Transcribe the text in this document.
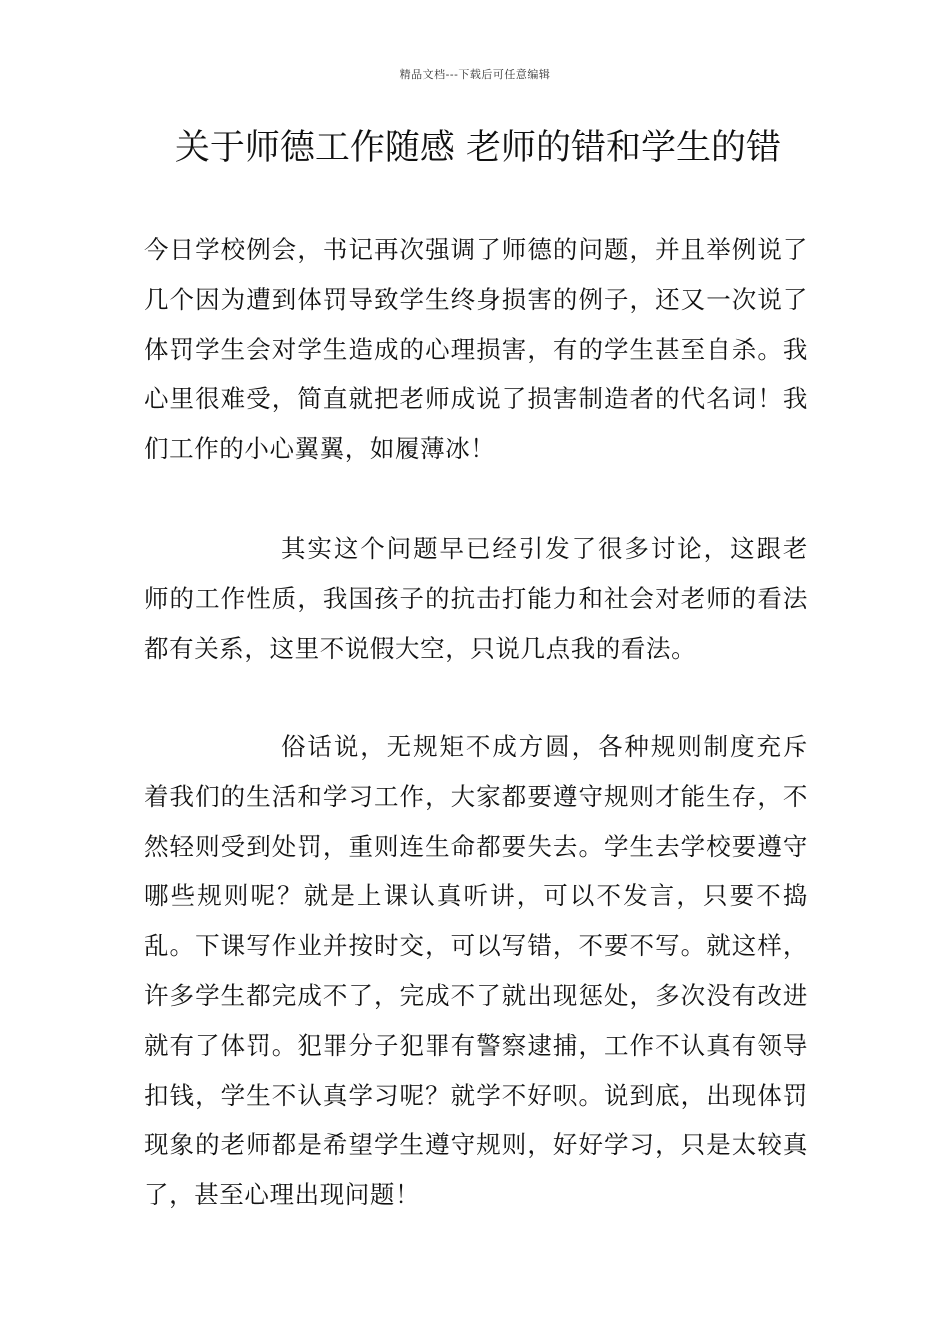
精品文档---下载后可任意编辑
关于师德工作随感 老师的错和学生的错

今日学校例会，书记再次强调了师德的问题，并且举例说了几个因为遭到体罚导致学生终身损害的例子，还又一次说了体罚学生会对学生造成的心理损害，有的学生甚至自杀。我心里很难受，简直就把老师成说了损害制造者的代名词！我们工作的小心翼翼，如履薄冰！

其实这个问题早已经引发了很多讨论，这跟老师的工作性质，我国孩子的抗击打能力和社会对老师的看法都有关系，这里不说假大空，只说几点我的看法。

俗话说，无规矩不成方圆，各种规则制度充斥着我们的生活和学习工作，大家都要遵守规则才能生存，不然轻则受到处罚，重则连生命都要失去。学生去学校要遵守哪些规则呢？就是上课认真听讲，可以不发言，只要不捣乱。下课写作业并按时交，可以写错，不要不写。就这样，许多学生都完成不了，完成不了就出现惩处，多次没有改进就有了体罚。犯罪分子犯罪有警察逮捕，工作不认真有领导扣钱，学生不认真学习呢？就学不好呗。说到底，出现体罚现象的老师都是希望学生遵守规则，好好学习，只是太较真了，甚至心理出现问题！
